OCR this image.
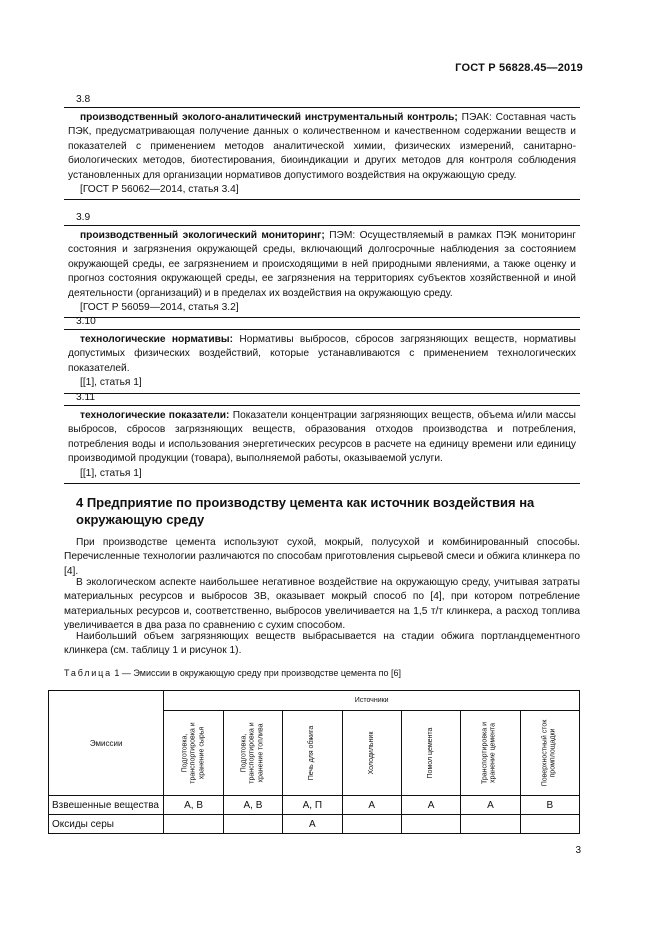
ГОСТ Р 56828.45—2019
3.8
производственный эколого-аналитический инструментальный контроль; ПЭАК: Составная часть ПЭК, предусматривающая получение данных о количественном и качественном содержании веществ и показателей с применением методов аналитической химии, физических измерений, санитарно-биологических методов, биотестирования, биоиндикации и других методов для контроля соблюдения установленных для организации нормативов допустимого воздействия на окружающую среду.
[ГОСТ Р 56062—2014, статья 3.4]
3.9
производственный экологический мониторинг; ПЭМ: Осуществляемый в рамках ПЭК мониторинг состояния и загрязнения окружающей среды, включающий долгосрочные наблюдения за состоянием окружающей среды, ее загрязнением и происходящими в ней природными явлениями, а также оценку и прогноз состояния окружающей среды, ее загрязнения на территориях субъектов хозяйственной и иной деятельности (организаций) и в пределах их воздействия на окружающую среду.
[ГОСТ Р 56059—2014, статья 3.2]
3.10
технологические нормативы: Нормативы выбросов, сбросов загрязняющих веществ, нормативы допустимых физических воздействий, которые устанавливаются с применением технологических показателей.
[[1], статья 1]
3.11
технологические показатели: Показатели концентрации загрязняющих веществ, объема и/или массы выбросов, сбросов загрязняющих веществ, образования отходов производства и потребления, потребления воды и использования энергетических ресурсов в расчете на единицу времени или единицу производимой продукции (товара), выполняемой работы, оказываемой услуги.
[[1], статья 1]
4 Предприятие по производству цемента как источник воздействия на окружающую среду
При производстве цемента используют сухой, мокрый, полусухой и комбинированный способы. Перечисленные технологии различаются по способам приготовления сырьевой смеси и обжига клинкера по [4].
В экологическом аспекте наибольшее негативное воздействие на окружающую среду, учитывая затраты материальных ресурсов и выбросов ЗВ, оказывает мокрый способ по [4], при котором потребление материальных ресурсов и, соответственно, выбросов увеличивается на 1,5 т/т клинкера, а расход топлива увеличивается в два раза по сравнению с сухим способом.
Наибольший объем загрязняющих веществ выбрасывается на стадии обжига портландцементного клинкера (см. таблицу 1 и рисунок 1).
Таблица 1 — Эмиссии в окружающую среду при производстве цемента по [6]
Эмиссии	Источники						

	Подготовка, транспортировка и хранение сырья	Подготовка, транспортировка и хранение топлива	Печь для обжига	Холодильник	Помол цемента	Транспортировка и хранение цемента	Поверхностный сток промплощадки

Взвешенные вещества	А, В	А, В	А, П	А	А	А	В
Оксиды серы			А				
3
